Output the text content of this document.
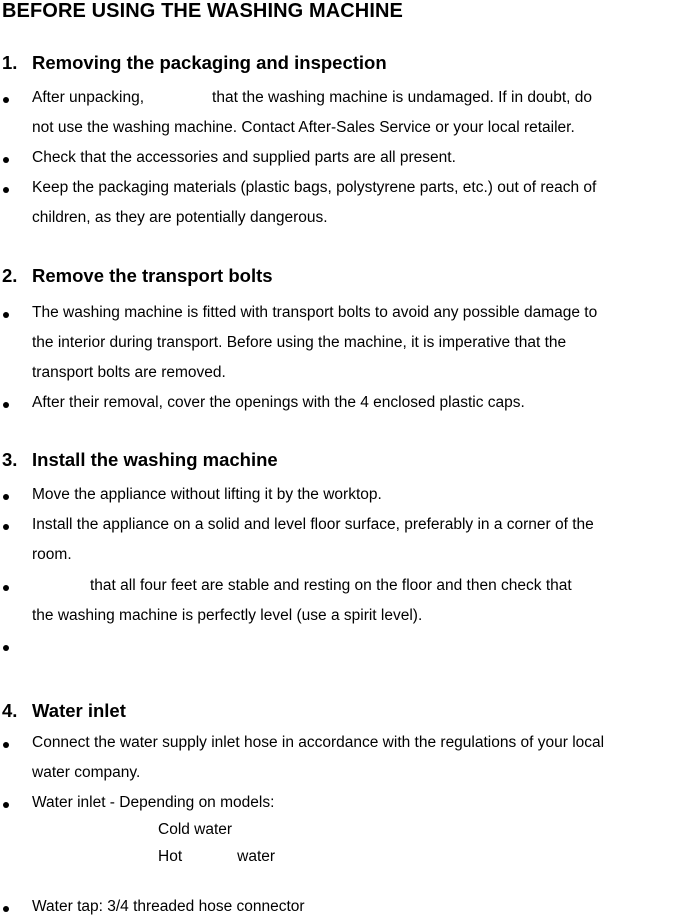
BEFORE USING THE WASHING MACHINE
1. Removing the packaging and inspection
After unpacking,	that the washing machine is undamaged. If in doubt, do
not use the washing machine. Contact After-Sales Service or your local retailer.
Check that the accessories and supplied parts are all present.
Keep the packaging materials (plastic bags, polystyrene parts, etc.) out of reach of
children, as they are potentially dangerous.
2. Remove the transport bolts
The washing machine is fitted with transport bolts to avoid any possible damage to
the interior during transport. Before using the machine, it is imperative that the
transport bolts are removed.
After their removal, cover the openings with the 4 enclosed plastic caps.
3. Install the washing machine
Move the appliance without lifting it by the worktop.
Install the appliance on a solid and level floor surface, preferably in a corner of the
room.
that all four feet are stable and resting on the floor and then check that
the washing machine is perfectly level (use a spirit level).
4. Water inlet
Connect the water supply inlet hose in accordance with the regulations of your local
water company.
Water inlet - Depending on models:
Cold water
Hot	water
Water tap: 3/4 threaded hose connector
